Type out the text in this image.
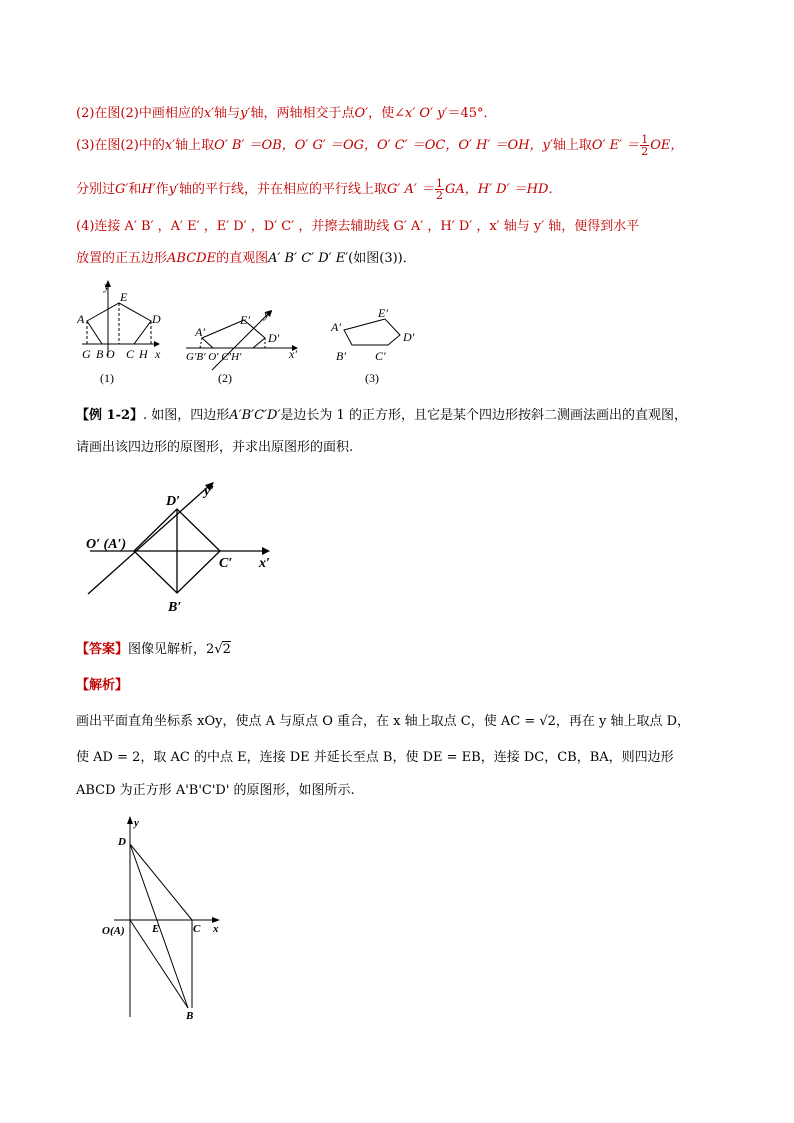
(2)在图(2)中画相应的x′轴与y′轴，两轴相交于点O′，使∠x′ O′ y′＝45°．
(3)在图(2)中的x′轴上取O′ B′ ＝OB，O′ G′ ＝OG，O′ C′ ＝OC，O′ H′ ＝OH，y′轴上取O′ $E' = \frac{1}{2}$ OE，
分别过G′和H′作y′轴的平行线，并在相应的平行线上取G′ $A' = \frac{1}{2}$ GA，H′ D′ ＝HD．
(4)连接 A′ B′ ，A′ E′ ，E′ D′ ，D′ C′ ，并擦去辅助线 G′ A′ ，H′ D′ ，x′ 轴与 y′ 轴，便得到水平
放置的正五边形ABCDE的直观图A′ B′ C′ D′ E′(如图(3))．
y
E
A	D
G B O C H x
(1)
E′ y′
A′	D′
G′B′ O′ C′H′	x′
(2)
A′
E′
D′
B′ C′
(3)
【例 1-2】. 如图，四边形A′B′C′D′是边长为 1 的正方形，且它是某个四边形按斜二测画法画出的直观图，
请画出该四边形的原图形，并求出原图形的面积.
D′
y′
O′ (A′)
C′ x′
B′
【答案】图像见解析，2√2
【解析】
画出平面直角坐标系 xOy，使点 A 与原点 O 重合，在 x 轴上取点 C，使 AC = √2，再在 y 轴上取点 D，
使 AD = 2，取 AC 的中点 E，连接 DE 并延长至点 B，使 DE = EB，连接 DC，CB，BA，则四边形
ABCD 为正方形 A'B'C'D' 的原图形，如图所示.
y
D
O(A) E	C x
B
